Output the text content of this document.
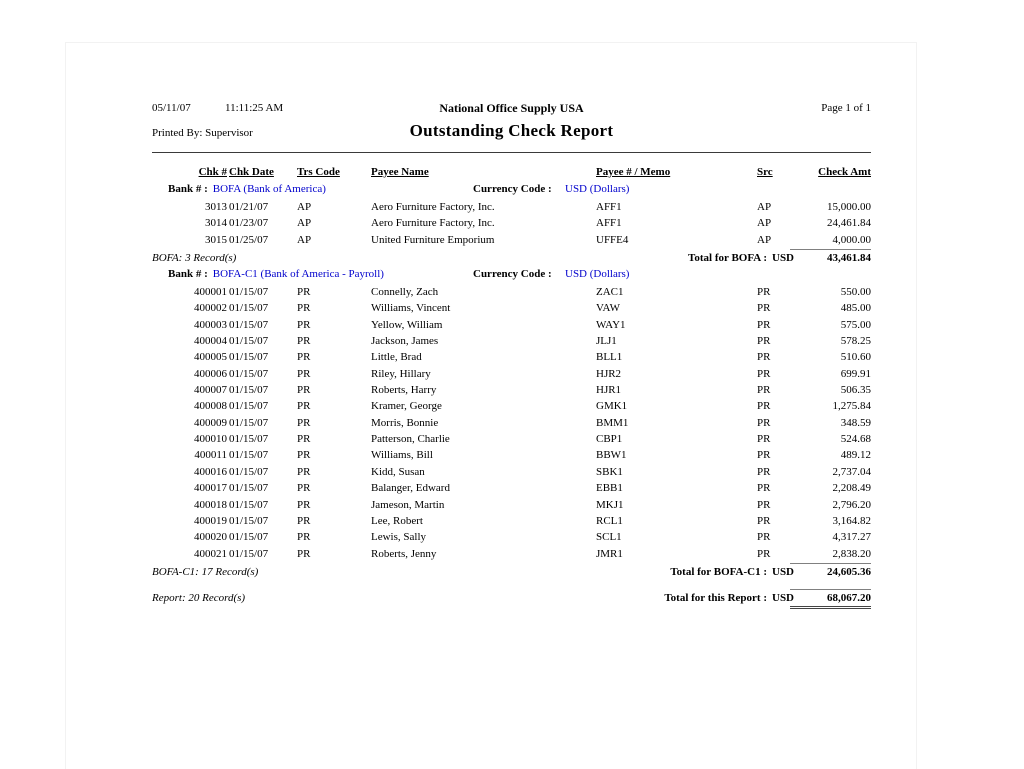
05/11/07	11:11:25 AM	National Office Supply USA	Page 1 of 1
Printed By: Supervisor	Outstanding Check Report
Chk # Chk Date	Trs Code	Payee Name	Payee # / Memo	Src	Check Amt
Bank # : BOFA (Bank of America)	Currency Code : USD (Dollars)
3013 01/21/07	AP	Aero Furniture Factory, Inc.	AFF1	AP	15,000.00
3014 01/23/07	AP	Aero Furniture Factory, Inc.	AFF1	AP	24,461.84
3015 01/25/07	AP	United Furniture Emporium	UFFE4	AP	4,000.00
BOFA: 3 Record(s)	Total for BOFA : USD	43,461.84
Bank # : BOFA-C1 (Bank of America - Payroll)	Currency Code : USD (Dollars)
400001 01/15/07	PR	Connelly, Zach	ZAC1	PR	550.00
400002 01/15/07	PR	Williams, Vincent	VAW	PR	485.00
400003 01/15/07	PR	Yellow, William	WAY1	PR	575.00
400004 01/15/07	PR	Jackson, James	JLJ1	PR	578.25
400005 01/15/07	PR	Little, Brad	BLL1	PR	510.60
400006 01/15/07	PR	Riley, Hillary	HJR2	PR	699.91
400007 01/15/07	PR	Roberts, Harry	HJR1	PR	506.35
400008 01/15/07	PR	Kramer, George	GMK1	PR	1,275.84
400009 01/15/07	PR	Morris, Bonnie	BMM1	PR	348.59
400010 01/15/07	PR	Patterson, Charlie	CBP1	PR	524.68
400011 01/15/07	PR	Williams, Bill	BBW1	PR	489.12
400016 01/15/07	PR	Kidd, Susan	SBK1	PR	2,737.04
400017 01/15/07	PR	Balanger, Edward	EBB1	PR	2,208.49
400018 01/15/07	PR	Jameson, Martin	MKJ1	PR	2,796.20
400019 01/15/07	PR	Lee, Robert	RCL1	PR	3,164.82
400020 01/15/07	PR	Lewis, Sally	SCL1	PR	4,317.27
400021 01/15/07	PR	Roberts, Jenny	JMR1	PR	2,838.20
BOFA-C1: 17 Record(s)	Total for BOFA-C1 : USD	24,605.36
Report: 20 Record(s)	Total for this Report : USD	68,067.20
